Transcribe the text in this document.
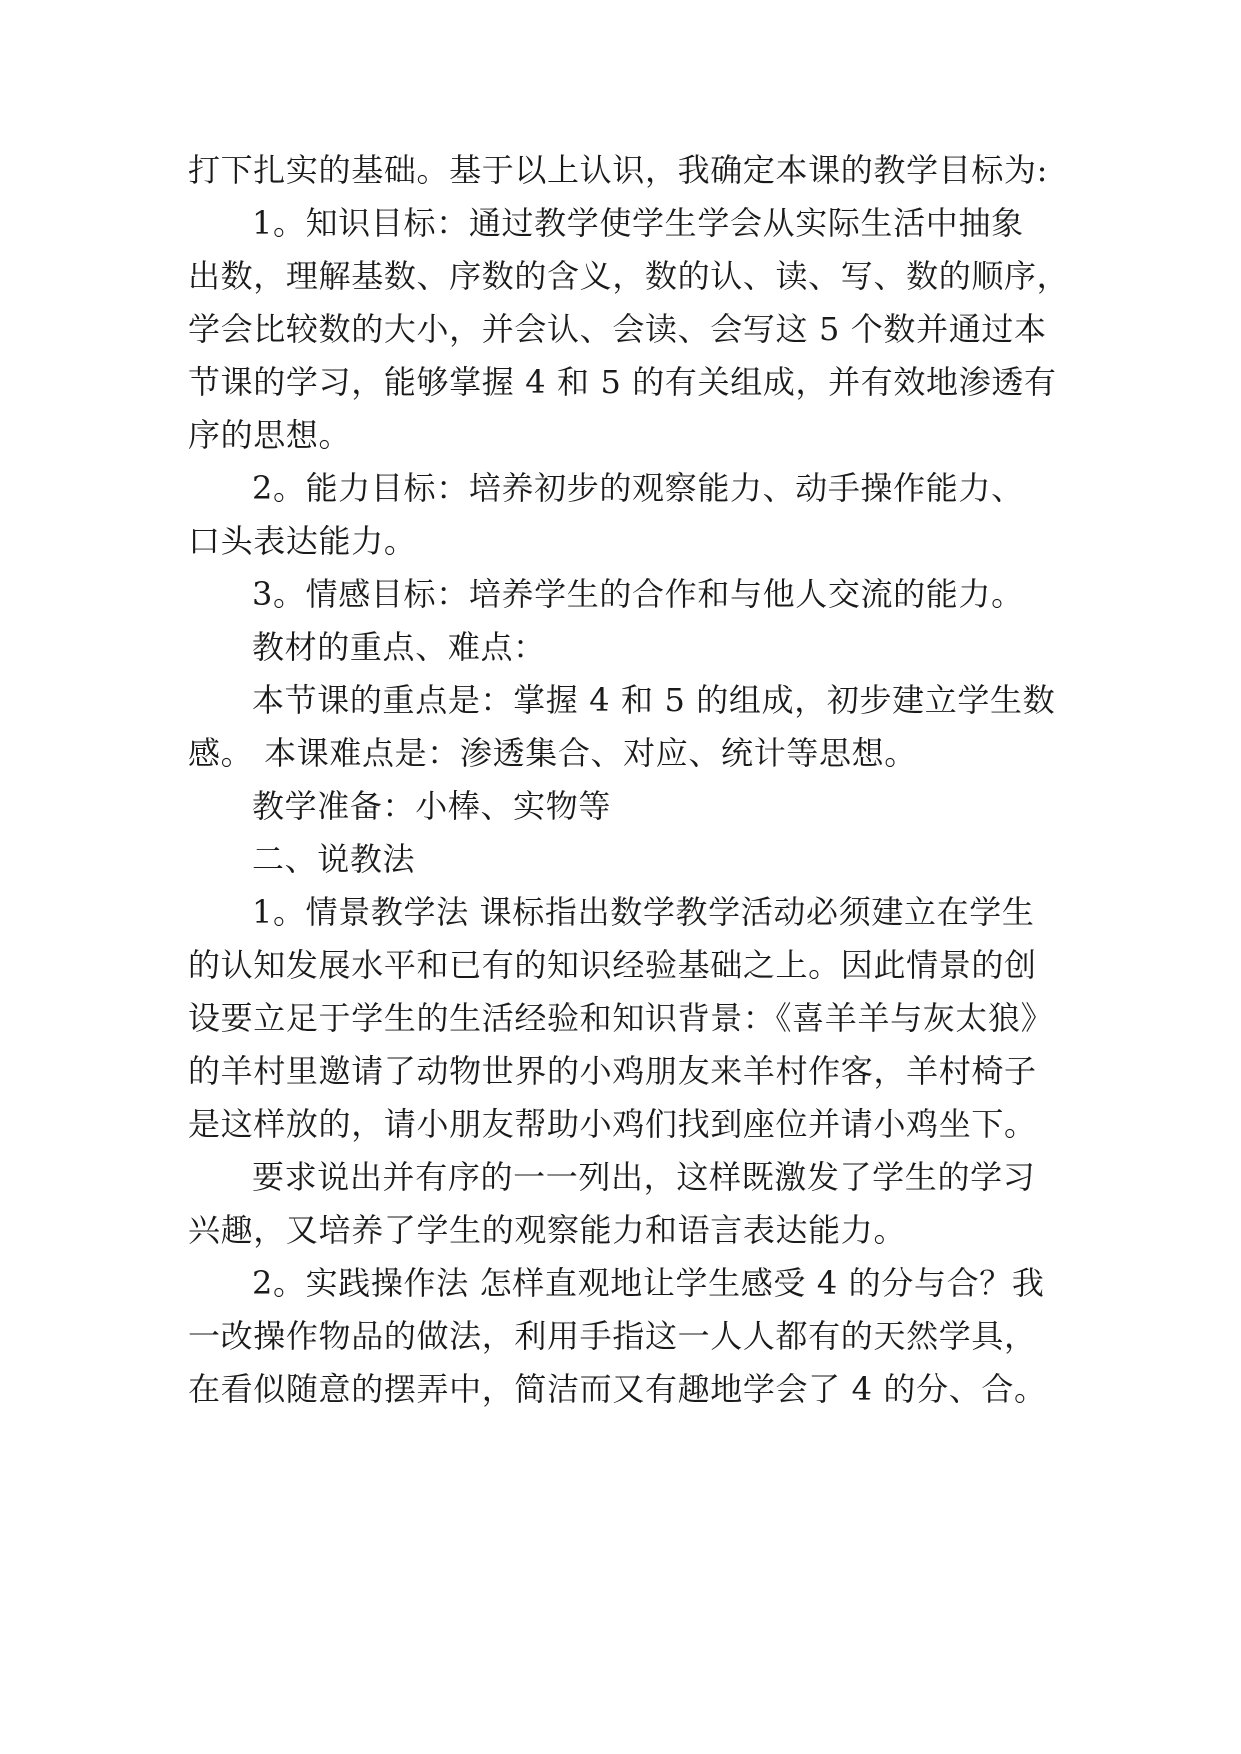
打下扎实的基础。基于以上认识，我确定本课的教学目标为:
1。知识目标：通过教学使学生学会从实际生活中抽象
出数，理解基数、序数的含义，数的认、读、写、数的顺序，
学会比较数的大小，并会认、会读、会写这 5 个数并通过本
节课的学习，能够掌握 4 和 5 的有关组成，并有效地渗透有
序的思想。
2。能力目标：培养初步的观察能力、动手操作能力、
口头表达能力。
3。情感目标：培养学生的合作和与他人交流的能力。
教材的重点、难点：
本节课的重点是：掌握 4 和 5 的组成，初步建立学生数
感。 本课难点是：渗透集合、对应、统计等思想。
教学准备：小棒、实物等
二、说教法
1。情景教学法 课标指出数学教学活动必须建立在学生
的认知发展水平和已有的知识经验基础之上。因此情景的创
设要立足于学生的生活经验和知识背景：《喜羊羊与灰太狼》
的羊村里邀请了动物世界的小鸡朋友来羊村作客，羊村椅子
是这样放的，请小朋友帮助小鸡们找到座位并请小鸡坐下。
要求说出并有序的一一列出，这样既激发了学生的学习
兴趣，又培养了学生的观察能力和语言表达能力。
2。实践操作法 怎样直观地让学生感受 4 的分与合？我
一改操作物品的做法，利用手指这一人人都有的天然学具，
在看似随意的摆弄中，简洁而又有趣地学会了 4 的分、合。
